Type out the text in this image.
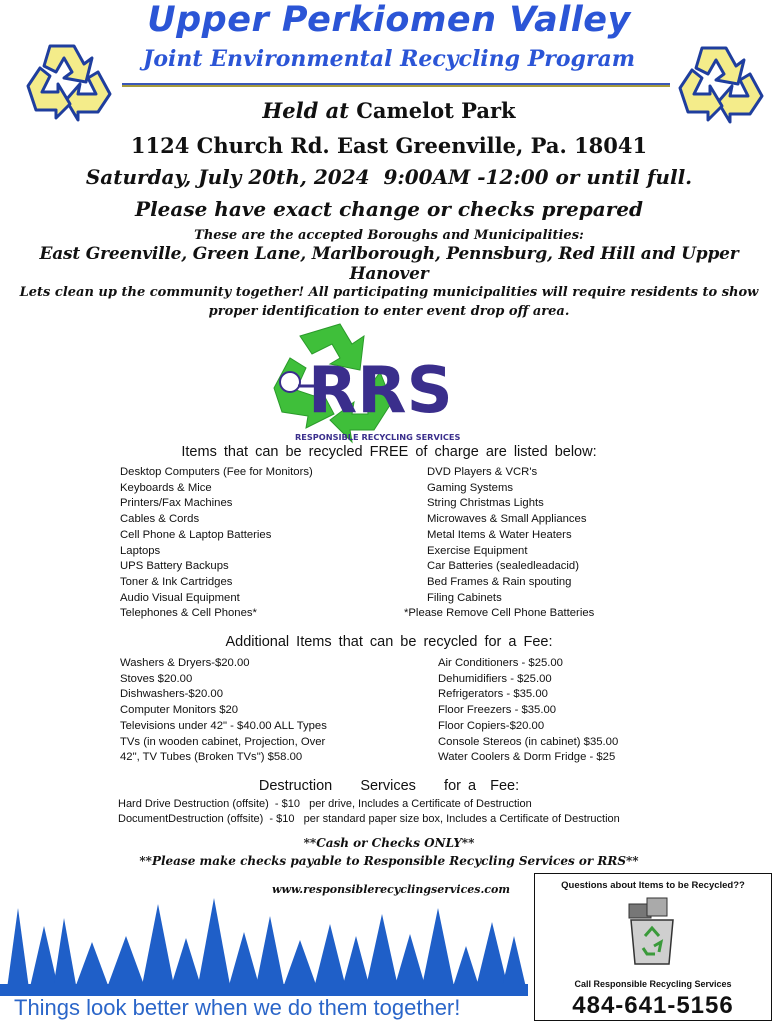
Upper Perkiomen Valley
Joint Environmental Recycling Program
Held at Camelot Park
1124 Church Rd. East Greenville, Pa. 18041
Saturday, July 20th, 2024  9:00AM -12:00 or until full.
Please have exact change or checks prepared
These are the accepted Boroughs and Municipalities:
East Greenville, Green Lane, Marlborough, Pennsburg, Red Hill and Upper Hanover
Lets clean up the community together! All participating municipalities will require residents to show proper identification to enter event drop off area.
RRS
RESPONSIBLE RECYCLING SERVICES
Items that can be recycled FREE of charge are listed below:
Desktop Computers (Fee for Monitors)
Keyboards & Mice
Printers/Fax Machines
Cables & Cords
Cell Phone & Laptop Batteries
Laptops
UPS Battery Backups
Toner & Ink Cartridges
Audio Visual Equipment
Telephones & Cell Phones*
DVD Players & VCR's
Gaming Systems
String Christmas Lights
Microwaves & Small Appliances
Metal Items & Water Heaters
Exercise Equipment
Car Batteries (sealedleadacid)
Bed Frames & Rain spouting
Filing Cabinets
*Please Remove Cell Phone Batteries
Additional Items that can be recycled for a Fee:
Washers & Dryers-$20.00
Stoves $20.00
Dishwashers-$20.00
Computer Monitors $20
Televisions under 42" - $40.00 ALL Types
TVs (in wooden cabinet, Projection, Over
42", TV Tubes (Broken TVs") $58.00
Air Conditioners - $25.00
Dehumidifiers - $25.00
Refrigerators - $35.00
Floor Freezers - $35.00
Floor Copiers-$20.00
Console Stereos (in cabinet) $35.00
Water Coolers & Dorm Fridge - $25
Destruction    Services    for a  Fee:
Hard Drive Destruction (offsite)  - $10   per drive, Includes a Certificate of Destruction
DocumentDestruction (offsite)  - $10   per standard paper size box, Includes a Certificate of Destruction
**Cash or Checks ONLY**
**Please make checks payable to Responsible Recycling Services or RRS**
www.responsiblerecyclingservices.com	Questions about Items to be Recycled??
Call Responsible Recycling Services
484-641-5156
Things look better when we do them together!
